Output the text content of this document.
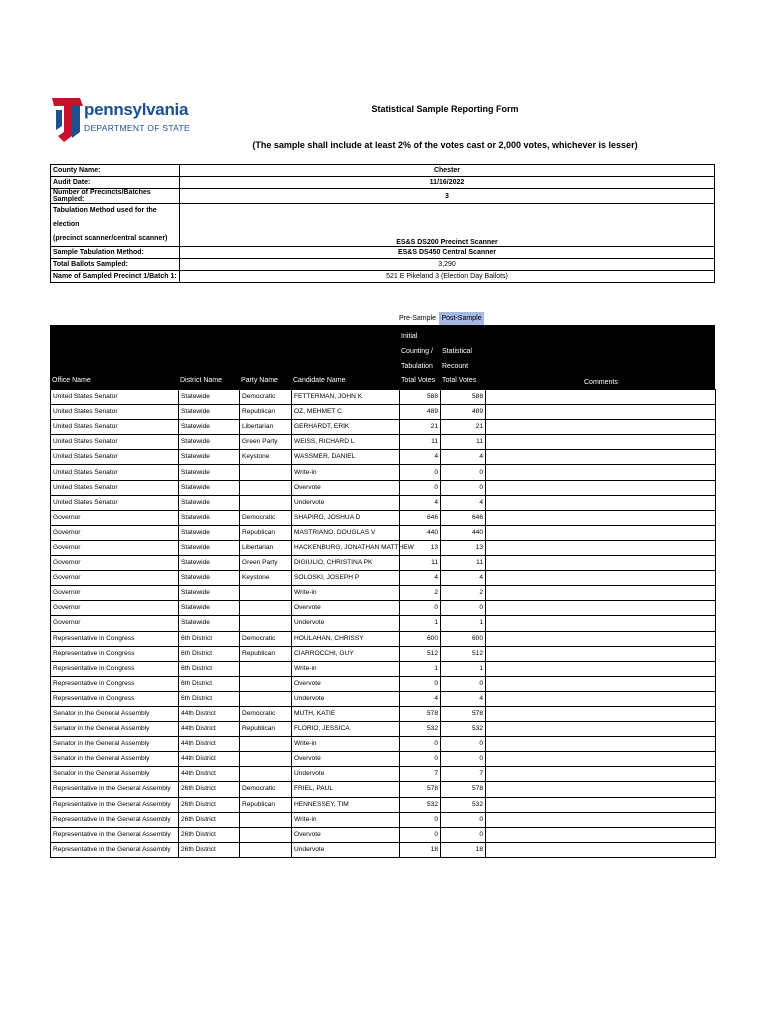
pennsylvania
DEPARTMENT OF STATE
Statistical Sample Reporting Form
(The sample shall include at least 2% of the votes cast or 2,000 votes, whichever is lesser)
County Name:	Chester
Audit Date:	11/16/2022
Number of Precincts/Batches Sampled:	3

Tabulation Method used for the election
(precinct scanner/central scanner)	ES&S DS200 Precinct Scanner
Sample Tabulation Method:	ES&S DS450 Central Scanner
Total Ballots Sampled:	3,290
Name of Sampled Precinct 1/Batch 1:	521 E Pikeland 3 (Election Day Ballots)
Pre-Sample Post-Sample
Office Name	District Name	Party Name Candidate Name
Initial
Counting /
Tabulation
Total Votes
Statistical
Recount
Total Votes	Comments
United States Senator	Statewide	Democratic	FETTERMAN, JOHN K	588	588	
United States Senator	Statewide	Republican	OZ, MEHMET C	489	489	
United States Senator	Statewide	Libertarian	GERHARDT, ERIK	21	21	
United States Senator	Statewide	Green Party	WEISS, RICHARD L	11	11	
United States Senator	Statewide	Keystone	WASSMER, DANIEL	4	4	
United States Senator	Statewide		Write-in	0	0	
United States Senator	Statewide		Overvote	0	0	
United States Senator	Statewide		Undervote	4	4	
Governor	Statewide	Democratic	SHAPIRO, JOSHUA D	646	646	
Governor	Statewide	Republican	MASTRIANO, DOUGLAS V	440	440	
Governor	Statewide	Libertarian	HACKENBURG, JONATHAN MATTHEW	13	13	
Governor	Statewide	Green Party	DIGIULIO, CHRISTINA PK	11	11	
Governor	Statewide	Keystone	SOLOSKI, JOSEPH P	4	4	
Governor	Statewide		Write-in	2	2	
Governor	Statewide		Overvote	0	0	
Governor	Statewide		Undervote	1	1	
Representative in Congress	6th District	Democratic	HOULAHAN, CHRISSY	600	600	
Representative in Congress	6th District	Republican	CIARROCCHI, GUY	512	512	
Representative in Congress	6th District		Write-in	1	1	
Representative in Congress	6th District		Overvote	0	0	
Representative in Congress	6th District		Undervote	4	4	
Senator in the General Assembly	44th District	Democratic	MUTH, KATIE	578	578	
Senator in the General Assembly	44th District	Republican	FLORIO, JESSICA	532	532	
Senator in the General Assembly	44th District		Write-in	0	0	
Senator in the General Assembly	44th District		Overvote	0	0	
Senator in the General Assembly	44th District		Undervote	7	7	
Representative in the General Assembly	26th District	Democratic	FRIEL, PAUL	578	578	
Representative in the General Assembly	26th District	Republican	HENNESSEY, TIM	532	532	
Representative in the General Assembly	26th District		Write-in	0	0	
Representative in the General Assembly	26th District		Overvote	0	0	
Representative in the General Assembly	26th District		Undervote	18	18	
